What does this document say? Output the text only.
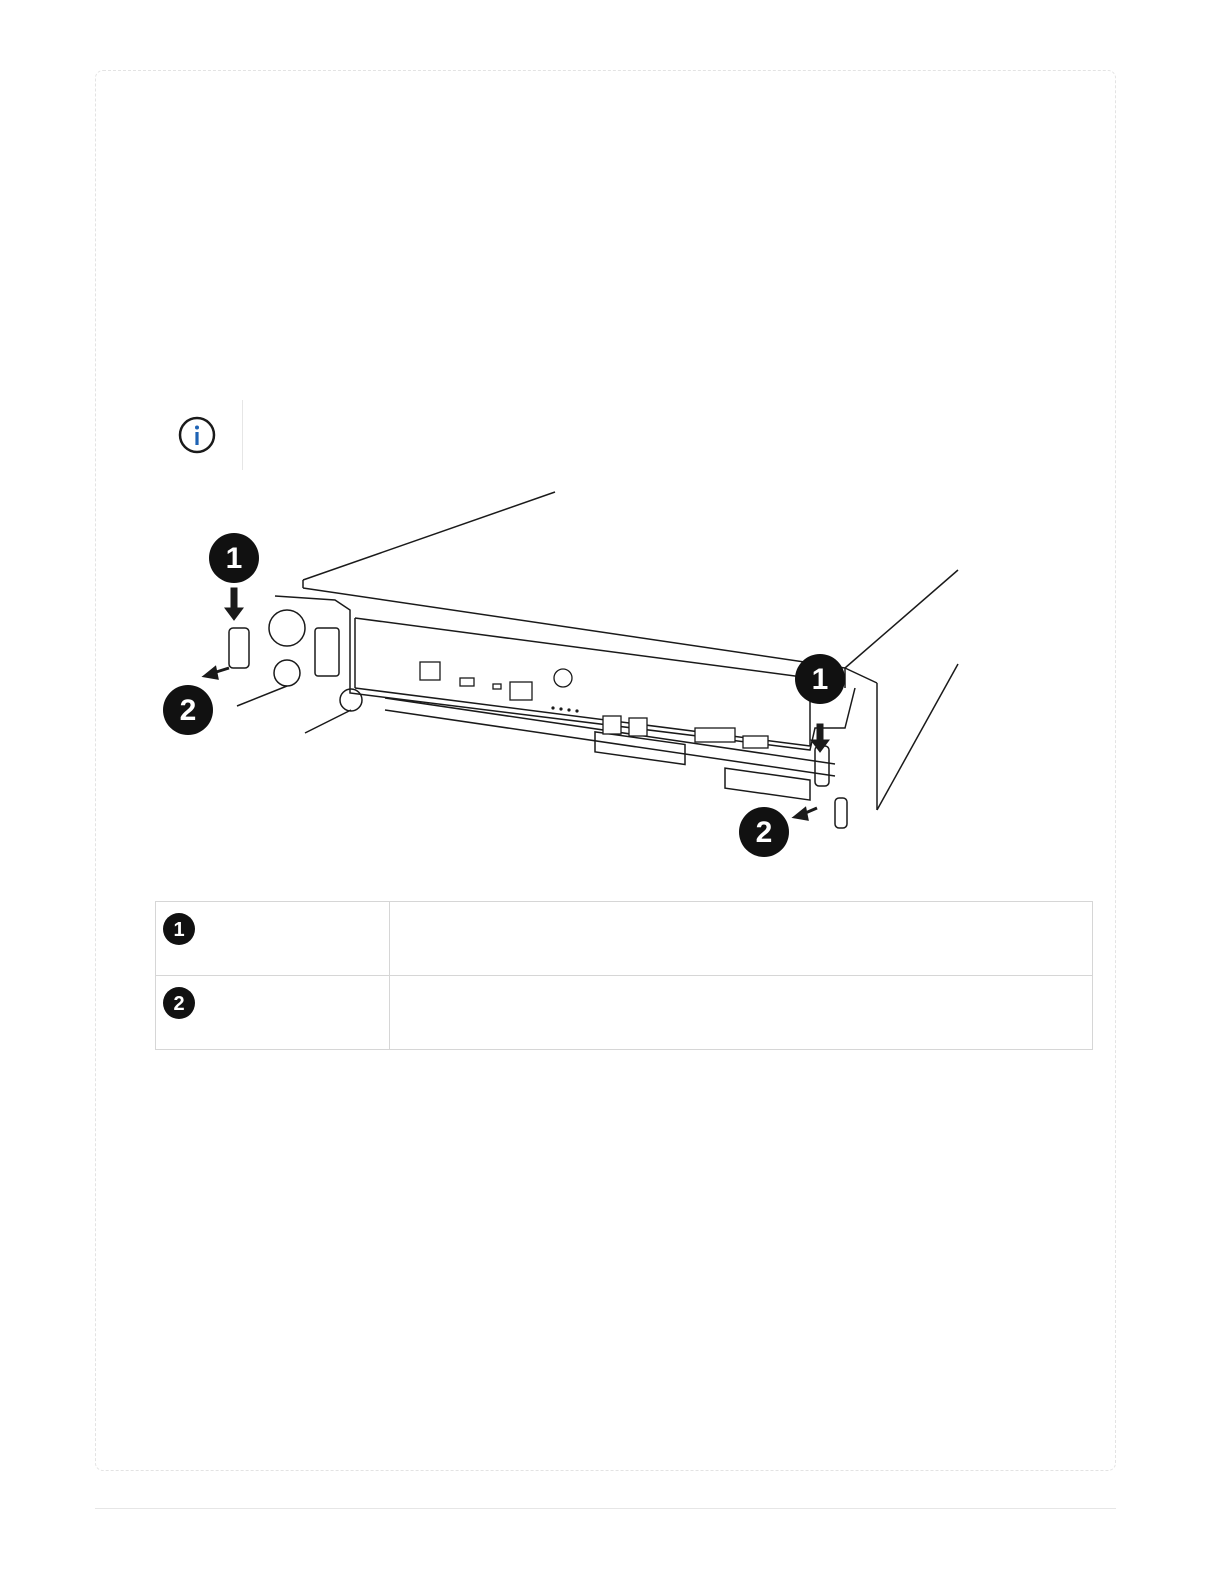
1
2
1
2
1	

2	
